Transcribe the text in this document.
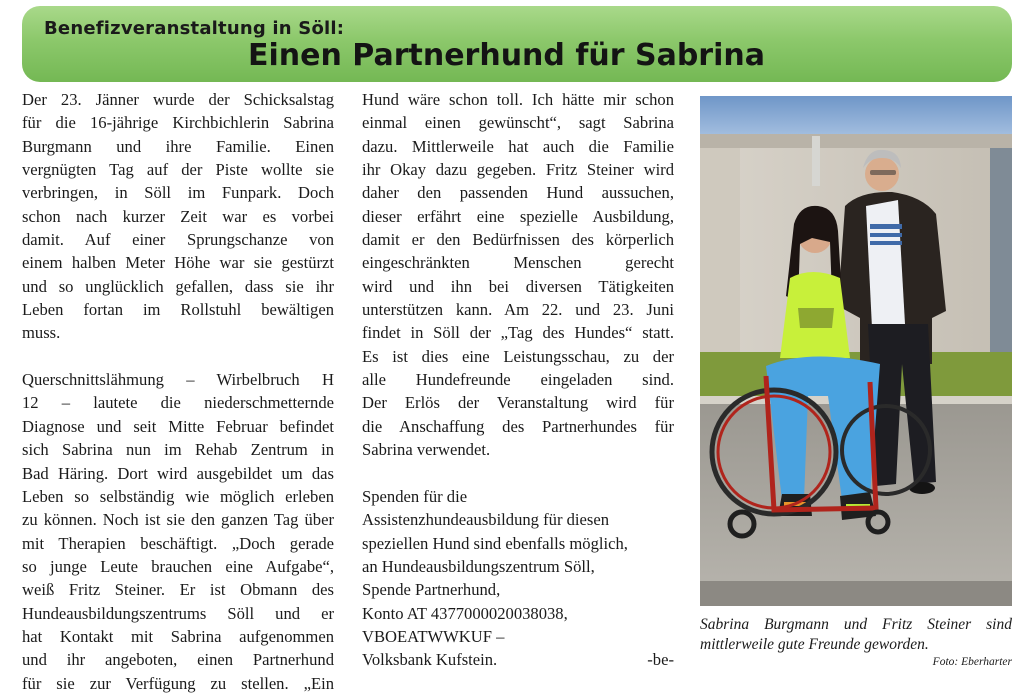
Benefizveranstaltung in Söll:
Einen Partnerhund für Sabrina

Der 23. Jänner wurde der Schicksalstag

für die 16-jährige Kirchbichlerin Sabrina

Burgmann und ihre Familie. Einen

vergnügten Tag auf der Piste wollte sie

verbringen, in Söll im Funpark. Doch

schon nach kurzer Zeit war es vorbei

damit. Auf einer Sprungschanze von

einem halben Meter Höhe war sie gestürzt

und so unglücklich gefallen, dass sie ihr

Leben fortan im Rollstuhl bewältigen

muss.

Querschnittslähmung – Wirbelbruch H

12 – lautete die niederschmetternde

Diagnose und seit Mitte Februar befindet

sich Sabrina nun im Rehab Zentrum in

Bad Häring. Dort wird ausgebildet um das

Leben so selbständig wie möglich erleben

zu können. Noch ist sie den ganzen Tag über

mit Therapien beschäftigt. „Doch gerade

so junge Leute brauchen eine Aufgabe“,

weiß Fritz Steiner. Er ist Obmann des

Hundeausbildungszentrums Söll und er

hat Kontakt mit Sabrina aufgenommen

und ihr angeboten, einen Partnerhund

für sie zur Verfügung zu stellen. „Ein

Hund wäre schon toll. Ich hätte mir schon

einmal einen gewünscht“, sagt Sabrina

dazu. Mittlerweile hat auch die Familie

ihr Okay dazu gegeben. Fritz Steiner wird

daher den passenden Hund aussuchen,

dieser erfährt eine spezielle Ausbildung,

damit er den Bedürfnissen des körperlich

eingeschränkten Menschen gerecht

wird und ihn bei diversen Tätigkeiten

unterstützen kann. Am 22. und 23. Juni

findet in Söll der „Tag des Hundes“ statt.

Es ist dies eine Leistungsschau, zu der

alle Hundefreunde eingeladen sind.

Der Erlös der Veranstaltung wird für

die Anschaffung des Partnerhundes für

Sabrina verwendet.

Spenden für die

Assistenzhundeausbildung für diesen

speziellen Hund sind ebenfalls möglich,

an Hundeausbildungszentrum Söll,

Spende Partnerhund,

Konto AT 4377000020038038,

VBOEATWWKUF –

Volksbank Kufstein.	-be-

Sabrina Burgmann und Fritz Steiner sind

mittlerweile gute Freunde geworden.

Foto: Eberharter
